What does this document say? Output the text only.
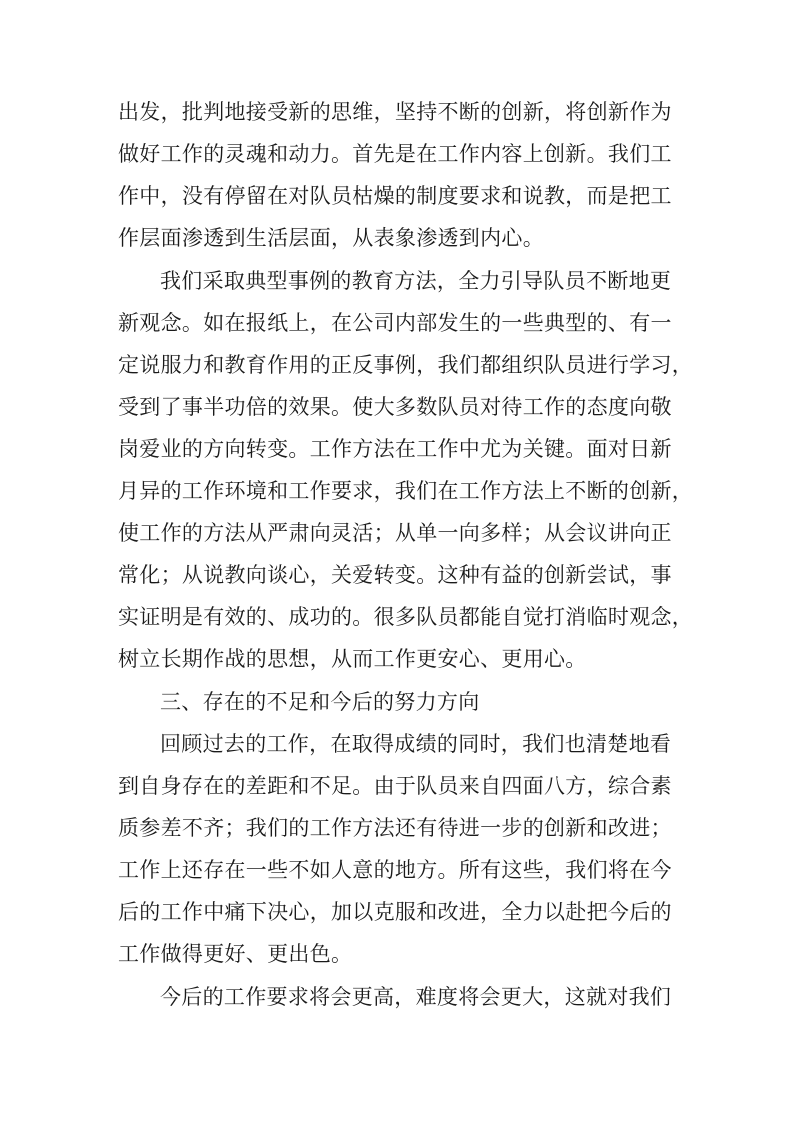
出发，批判地接受新的思维，坚持不断的创新，将创新作为
做好工作的灵魂和动力。首先是在工作内容上创新。我们工
作中，没有停留在对队员枯燥的制度要求和说教，而是把工
作层面渗透到生活层面，从表象渗透到内心。
我们采取典型事例的教育方法，全力引导队员不断地更
新观念。如在报纸上，在公司内部发生的一些典型的、有一
定说服力和教育作用的正反事例，我们都组织队员进行学习，
受到了事半功倍的效果。使大多数队员对待工作的态度向敬
岗爱业的方向转变。工作方法在工作中尤为关键。面对日新
月异的工作环境和工作要求，我们在工作方法上不断的创新，
使工作的方法从严肃向灵活；从单一向多样；从会议讲向正
常化；从说教向谈心，关爱转变。这种有益的创新尝试，事
实证明是有效的、成功的。很多队员都能自觉打消临时观念，
树立长期作战的思想，从而工作更安心、更用心。
三、存在的不足和今后的努力方向
回顾过去的工作，在取得成绩的同时，我们也清楚地看
到自身存在的差距和不足。由于队员来自四面八方，综合素
质参差不齐；我们的工作方法还有待进一步的创新和改进；
工作上还存在一些不如人意的地方。所有这些，我们将在今
后的工作中痛下决心，加以克服和改进，全力以赴把今后的
工作做得更好、更出色。
今后的工作要求将会更高，难度将会更大，这就对我们
